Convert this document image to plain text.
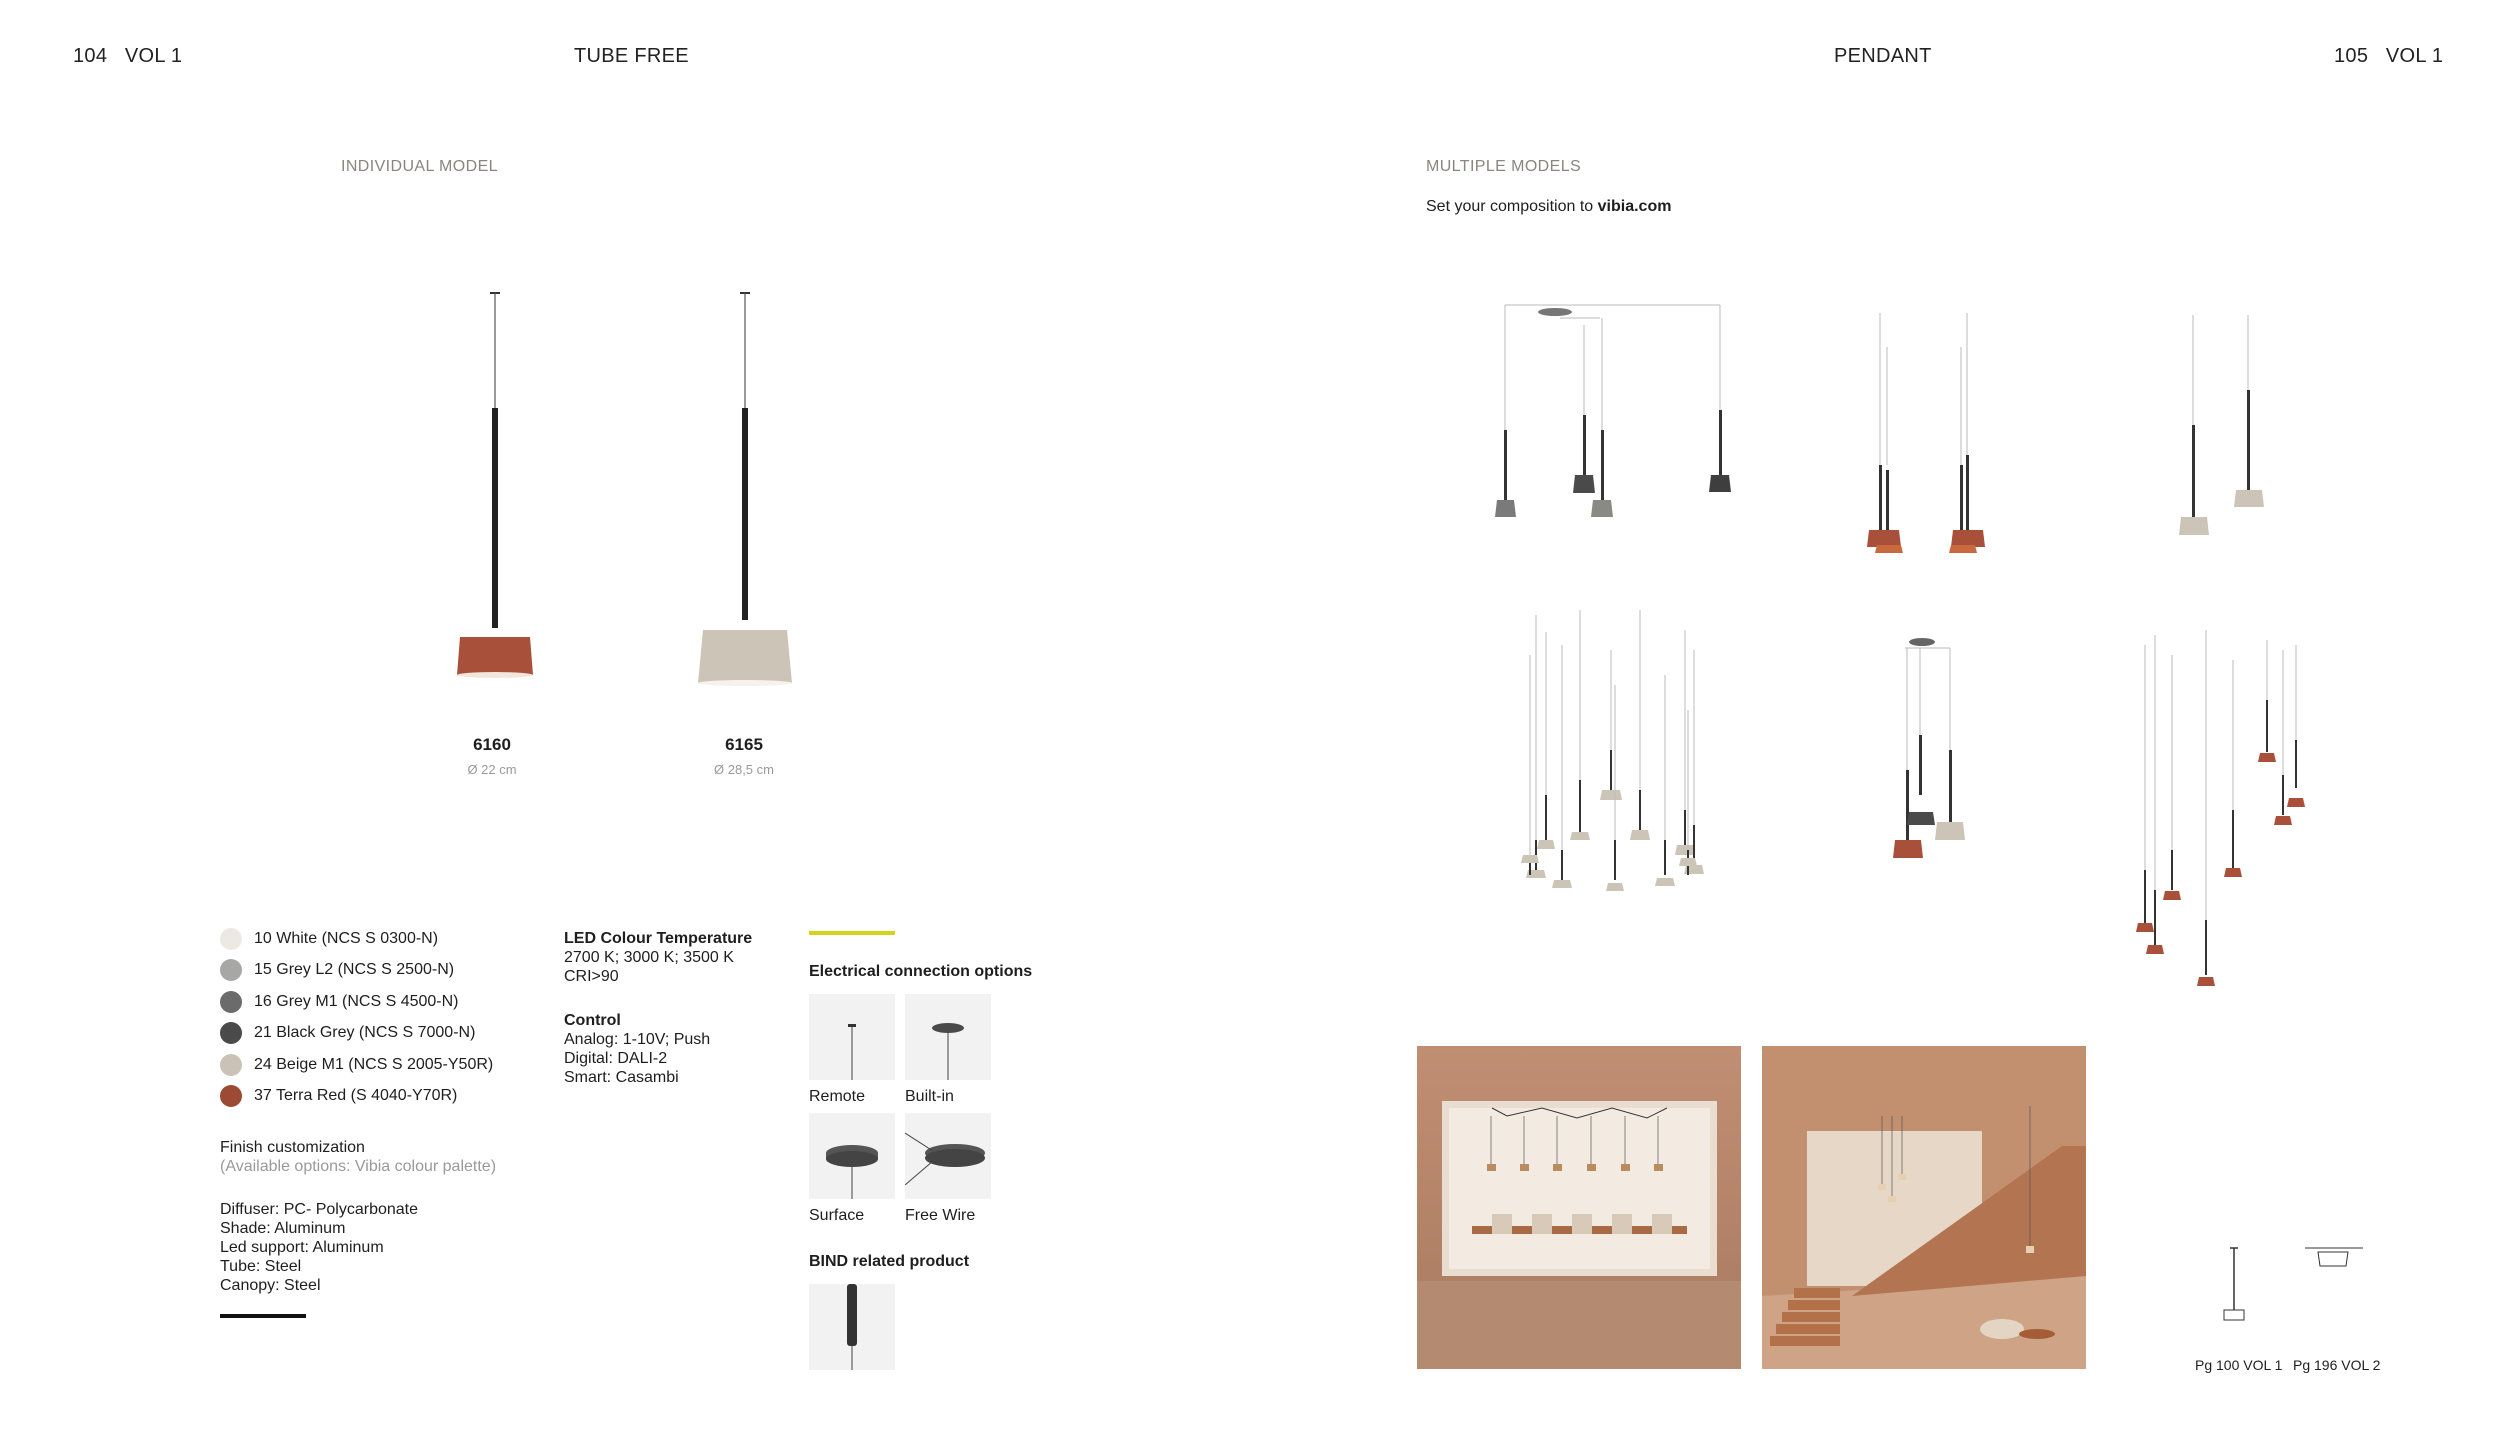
104 VOL 1	TUBE FREE	PENDANT	105 VOL 1
INDIVIDUAL MODEL
6160
Ø 22 cm
6165
Ø 28,5 cm
10 White (NCS S 0300-N)
15 Grey L2 (NCS S 2500-N)
16 Grey M1 (NCS S 4500-N)
21 Black Grey (NCS S 7000-N)
24 Beige M1 (NCS S 2005-Y50R)
37 Terra Red (S 4040-Y70R)
Finish customization
(Available options: Vibia colour palette)
Diffuser: PC- Polycarbonate
Shade: Aluminum
Led support: Aluminum
Tube: Steel
Canopy: Steel
LED Colour Temperature
2700 K; 3000 K; 3500 K
CRI>90
Control
Analog: 1-10V; Push
Digital: DALI-2
Smart: Casambi
Electrical connection options
Remote	Built-in
Surface	Free Wire
BIND related product
MULTIPLE MODELS
Set your composition to vibia.com
Pg 100 VOL 1 Pg 196 VOL 2
